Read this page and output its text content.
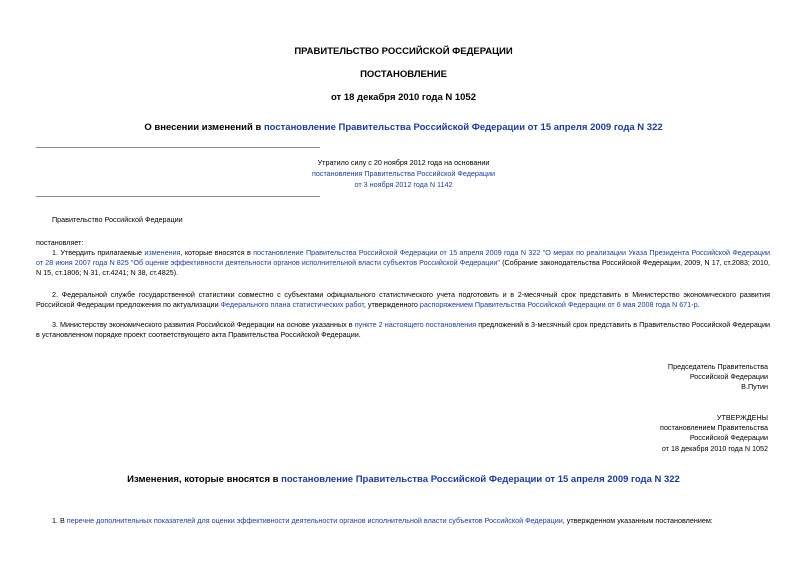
ПРАВИТЕЛЬСТВО РОССИЙСКОЙ ФЕДЕРАЦИИ
ПОСТАНОВЛЕНИЕ
от 18 декабря 2010 года N 1052
О внесении изменений в постановление Правительства Российской Федерации от 15 апреля 2009 года N 322
Утратило силу с 20 ноября 2012 года на основании
постановления Правительства Российской Федерации
от 3 ноября 2012 года N 1142
Правительство Российской Федерации
постановляет:
1. Утвердить прилагаемые изменения, которые вносятся в постановление Правительства Российской Федерации от 15 апреля 2009 года N 322 "О мерах по реализации Указа Президента Российской Федерации от 28 июня 2007 года N 825 "Об оценке эффективности деятельности органов исполнительной власти субъектов Российской Федерации" (Собрание законодательства Российской Федерации, 2009, N 17, ст.2083; 2010, N 15, ст.1806; N 31, ст.4241; N 38, ст.4825).
2. Федеральной службе государственной статистики совместно с субъектами официального статистического учета подготовить и в 2-месячный срок представить в Министерство экономического развития Российской Федерации предложения по актуализации Федерального плана статистических работ, утвержденного распоряжением Правительства Российской Федерации от 6 мая 2008 года N 671-р.
3. Министерству экономического развития Российской Федерации на основе указанных в пункте 2 настоящего постановления предложений в 3-месячный срок представить в Правительство Российской Федерации в установленном порядке проект соответствующего акта Правительства Российской Федерации.
Председатель Правительства
Российской Федерации
В.Путин
УТВЕРЖДЕНЫ
постановлением Правительства
Российской Федерации
от 18 декабря 2010 года N 1052
Изменения, которые вносятся в постановление Правительства Российской Федерации от 15 апреля 2009 года N 322
1. В перечне дополнительных показателей для оценки эффективности деятельности органов исполнительной власти субъектов Российской Федерации, утвержденном указанным постановлением:
